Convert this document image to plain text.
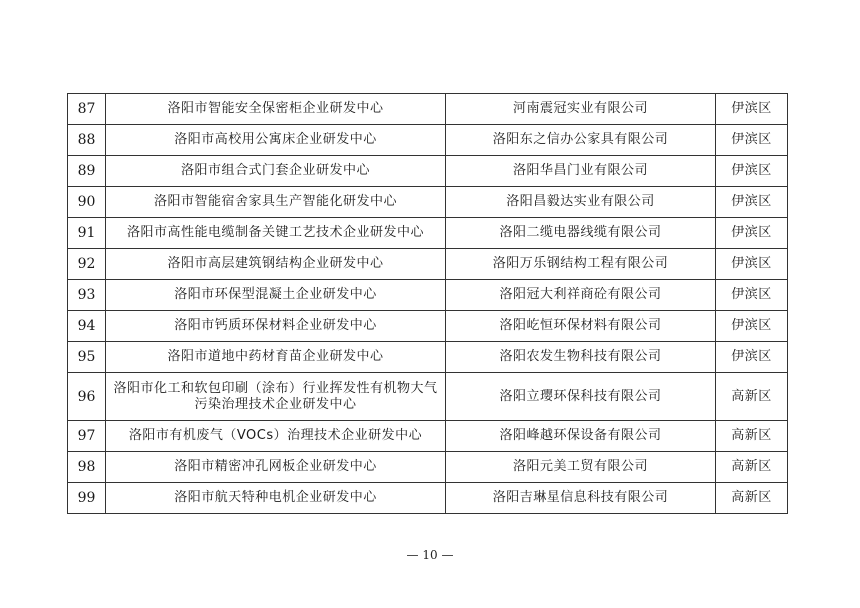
87	洛阳市智能安全保密柜企业研发中心	河南震冠实业有限公司	伊滨区
88	洛阳市高校用公寓床企业研发中心	洛阳东之信办公家具有限公司	伊滨区
89	洛阳市组合式门套企业研发中心	洛阳华昌门业有限公司	伊滨区
90	洛阳市智能宿舍家具生产智能化研发中心	洛阳昌毅达实业有限公司	伊滨区
91	洛阳市高性能电缆制备关键工艺技术企业研发中心	洛阳二缆电器线缆有限公司	伊滨区
92	洛阳市高层建筑钢结构企业研发中心	洛阳万乐钢结构工程有限公司	伊滨区
93	洛阳市环保型混凝土企业研发中心	洛阳冠大利祥商砼有限公司	伊滨区
94	洛阳市钙质环保材料企业研发中心	洛阳屹恒环保材料有限公司	伊滨区
95	洛阳市道地中药材育苗企业研发中心	洛阳农发生物科技有限公司	伊滨区
96	洛阳市化工和软包印刷（涂布）行业挥发性有机物大气污染治理技术企业研发中心	洛阳立璎环保科技有限公司	高新区
97	洛阳市有机废气（VOCs）治理技术企业研发中心	洛阳峰越环保设备有限公司	高新区
98	洛阳市精密冲孔网板企业研发中心	洛阳元美工贸有限公司	高新区
99	洛阳市航天特种电机企业研发中心	洛阳吉琳星信息科技有限公司	高新区
— 10 —
